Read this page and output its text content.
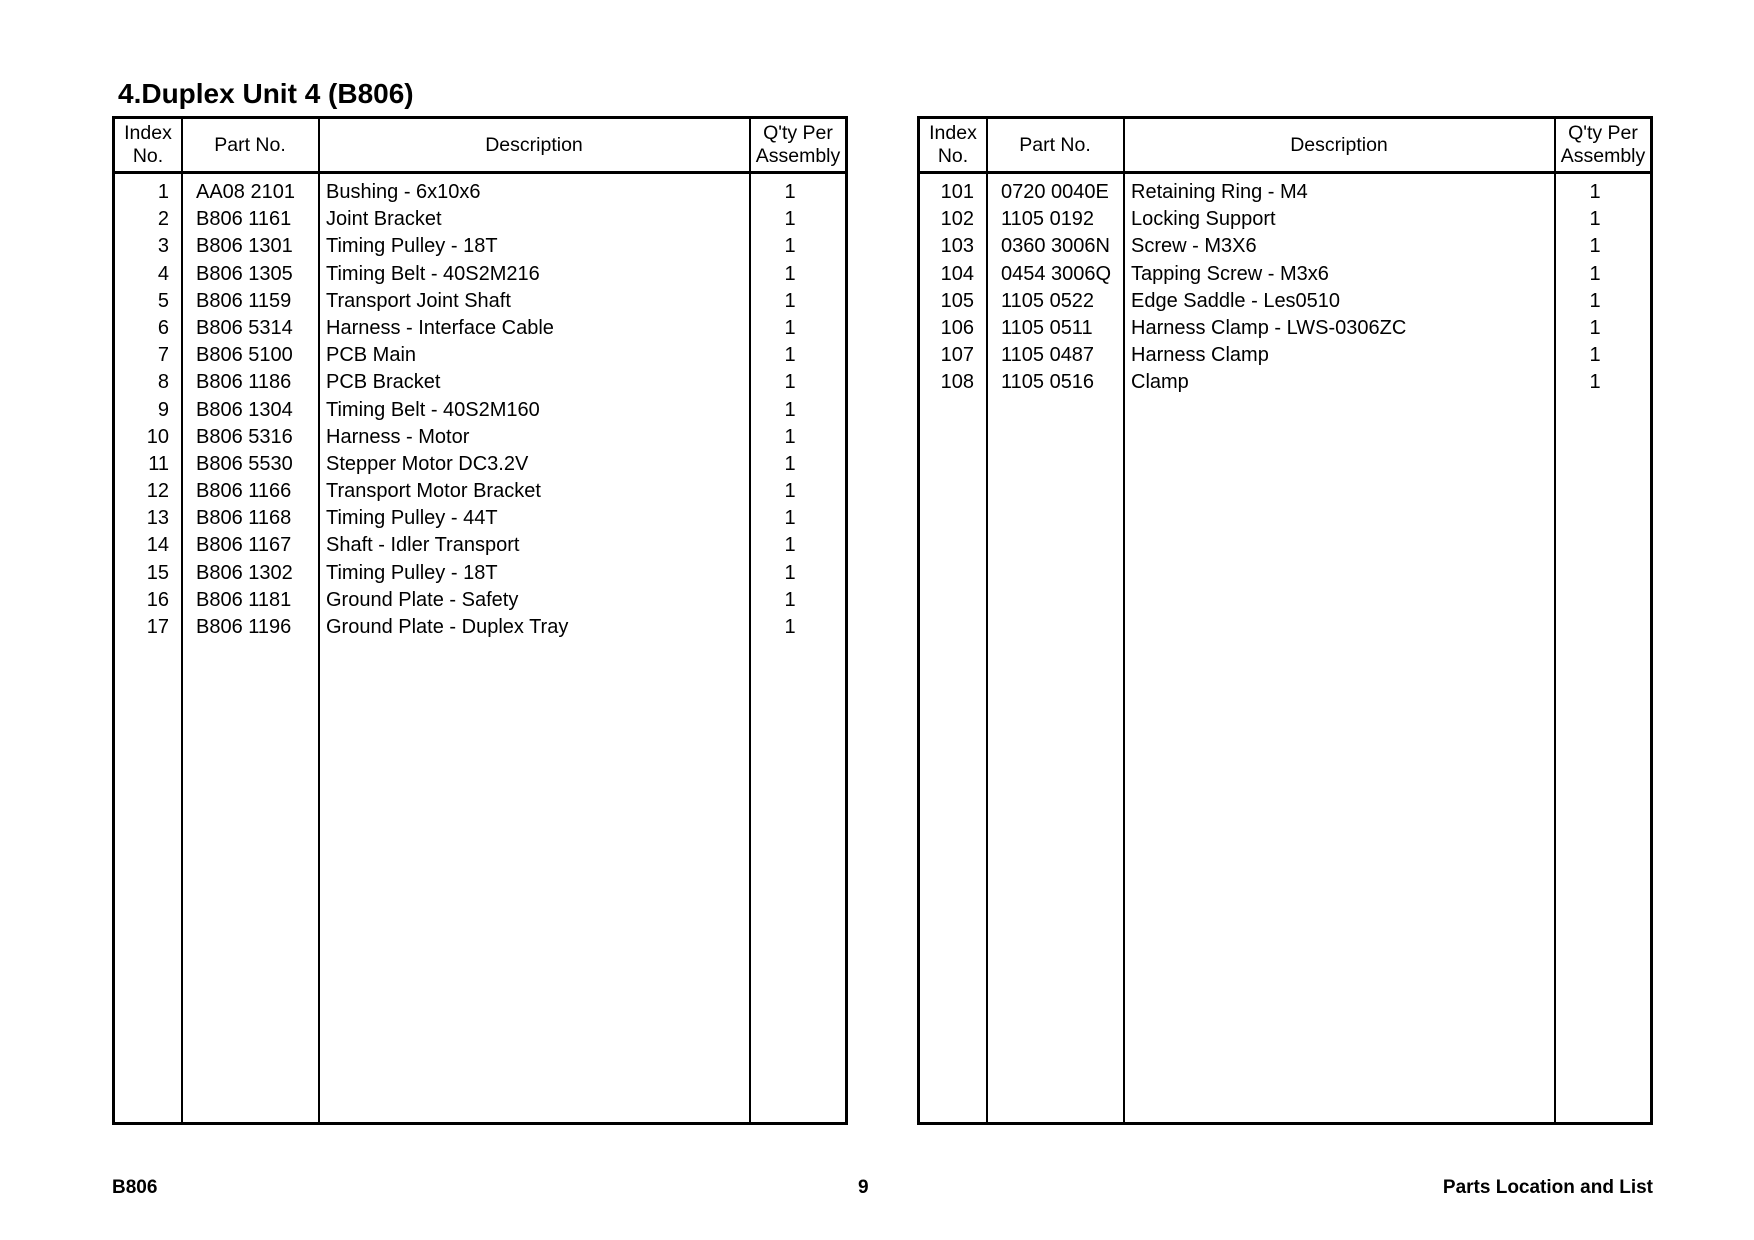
4.Duplex Unit 4 (B806)
Index
No.
Part No.	Description
Q'ty Per
Assembly
1 AA08 2101 Bushing - 6x10x6	1
2 B806 1161 Joint Bracket	1
3 B806 1301 Timing Pulley - 18T	1
4 B806 1305 Timing Belt - 40S2M216	1
5 B806 1159 Transport Joint Shaft	1
6 B806 5314 Harness - Interface Cable	1
7 B806 5100 PCB Main	1
8 B806 1186 PCB Bracket	1
9 B806 1304 Timing Belt - 40S2M160	1
10 B806 5316 Harness - Motor	1
11 B806 5530 Stepper Motor DC3.2V	1
12 B806 1166 Transport Motor Bracket	1
13 B806 1168 Timing Pulley - 44T	1
14 B806 1167 Shaft - Idler Transport	1
15 B806 1302 Timing Pulley - 18T	1
16 B806 1181 Ground Plate - Safety	1
17 B806 1196 Ground Plate - Duplex Tray	1
Index
No.
Part No.	Description
Q'ty Per
Assembly
101 0720 0040E Retaining Ring - M4	1
102 1105 0192 Locking Support	1
103 0360 3006N Screw - M3X6	1
104 0454 3006Q Tapping Screw - M3x6	1
105 1105 0522 Edge Saddle - Les0510	1
106 1105 0511 Harness Clamp - LWS-0306ZC	1
107 1105 0487 Harness Clamp	1
108 1105 0516 Clamp	1
B806	9	Parts Location and List
